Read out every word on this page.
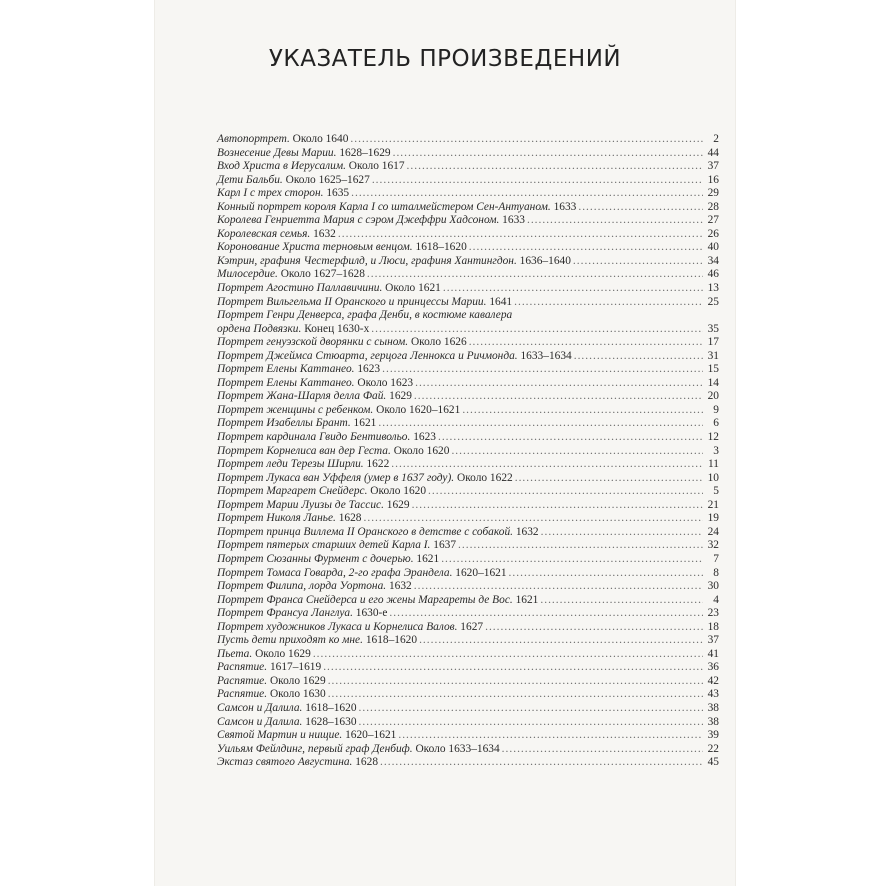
УКАЗАТЕЛЬ ПРОИЗВЕДЕНИЙ
Автопортрет. Около 1640 .....	2
Вознесение Девы Марии. 1628–1629 .....	44
Вход Христа в Иерусалим. Около 1617 .....	37
Дети Бальби. Около 1625–1627 .....	16
Карл I с трех сторон. 1635 .....	29
Конный портрет короля Карла I со шталмейстером Сен-Антуаном. 1633 .....	28
Королева Генриетта Мария с сэром Джеффри Хадсоном. 1633 .....	27
Королевская семья. 1632 .....	26
Коронование Христа терновым венцом. 1618–1620 .....	40
Кэтрин, графиня Честерфилд, и Люси, графиня Хантингдон. 1636–1640 .....	34
Милосердие. Около 1627–1628 .....	46
Портрет Агостино Паллавичини. Около 1621 .....	13
Портрет Вильгельма II Оранского и принцессы Марии. 1641 .....	25
Портрет Генри Денверса, графа Денби, в костюме кавалера
ордена Подвязки. Конец 1630-х .....	35
Портрет генуэзской дворянки с сыном. Около 1626 .....	17
Портрет Джеймса Стюарта, герцога Леннокса и Ричмонда. 1633–1634 .....	31
Портрет Елены Каттанео. 1623 .....	15
Портрет Елены Каттанео. Около 1623 .....	14
Портрет Жана-Шарля делла Фай. 1629 .....	20
Портрет женщины с ребенком. Около 1620–1621 .....	9
Портрет Изабеллы Брант. 1621 .....	6
Портрет кардинала Гвидо Бентивольо. 1623 .....	12
Портрет Корнелиса ван дер Геста. Около 1620 .....	3
Портрет леди Терезы Ширли. 1622 .....	11
Портрет Лукаса ван Уффеля (умер в 1637 году). Около 1622 .....	10
Портрет Маргарет Снейдерс. Около 1620 .....	5
Портрет Марии Луизы де Тассис. 1629 .....	21
Портрет Николя Ланье. 1628 .....	19
Портрет принца Виллема II Оранского в детстве с собакой. 1632 .....	24
Портрет пятерых старших детей Карла I. 1637 .....	32
Портрет Сюзанны Фурмент с дочерью. 1621 .....	7
Портрет Томаса Говарда, 2-го графа Эрандела. 1620–1621 .....	8
Портрет Филипа, лорда Уортона. 1632 .....	30
Портрет Франса Снейдерса и его жены Маргареты де Вос. 1621 .....	4
Портрет Франсуа Ланглуа. 1630-е .....	23
Портрет художников Лукаса и Корнелиса Валов. 1627 .....	18
Пусть дети приходят ко мне. 1618–1620 .....	37
Пьета. Около 1629 .....	41
Распятие. 1617–1619 .....	36
Распятие. Около 1629 .....	42
Распятие. Около 1630 .....	43
Самсон и Далила. 1618–1620 .....	38
Самсон и Далила. 1628–1630 .....	38
Святой Мартин и нищие. 1620–1621 .....	39
Уильям Фейлдинг, первый граф Денбиф. Около 1633–1634 .....	22
Экстаз святого Августина. 1628 .....	45
